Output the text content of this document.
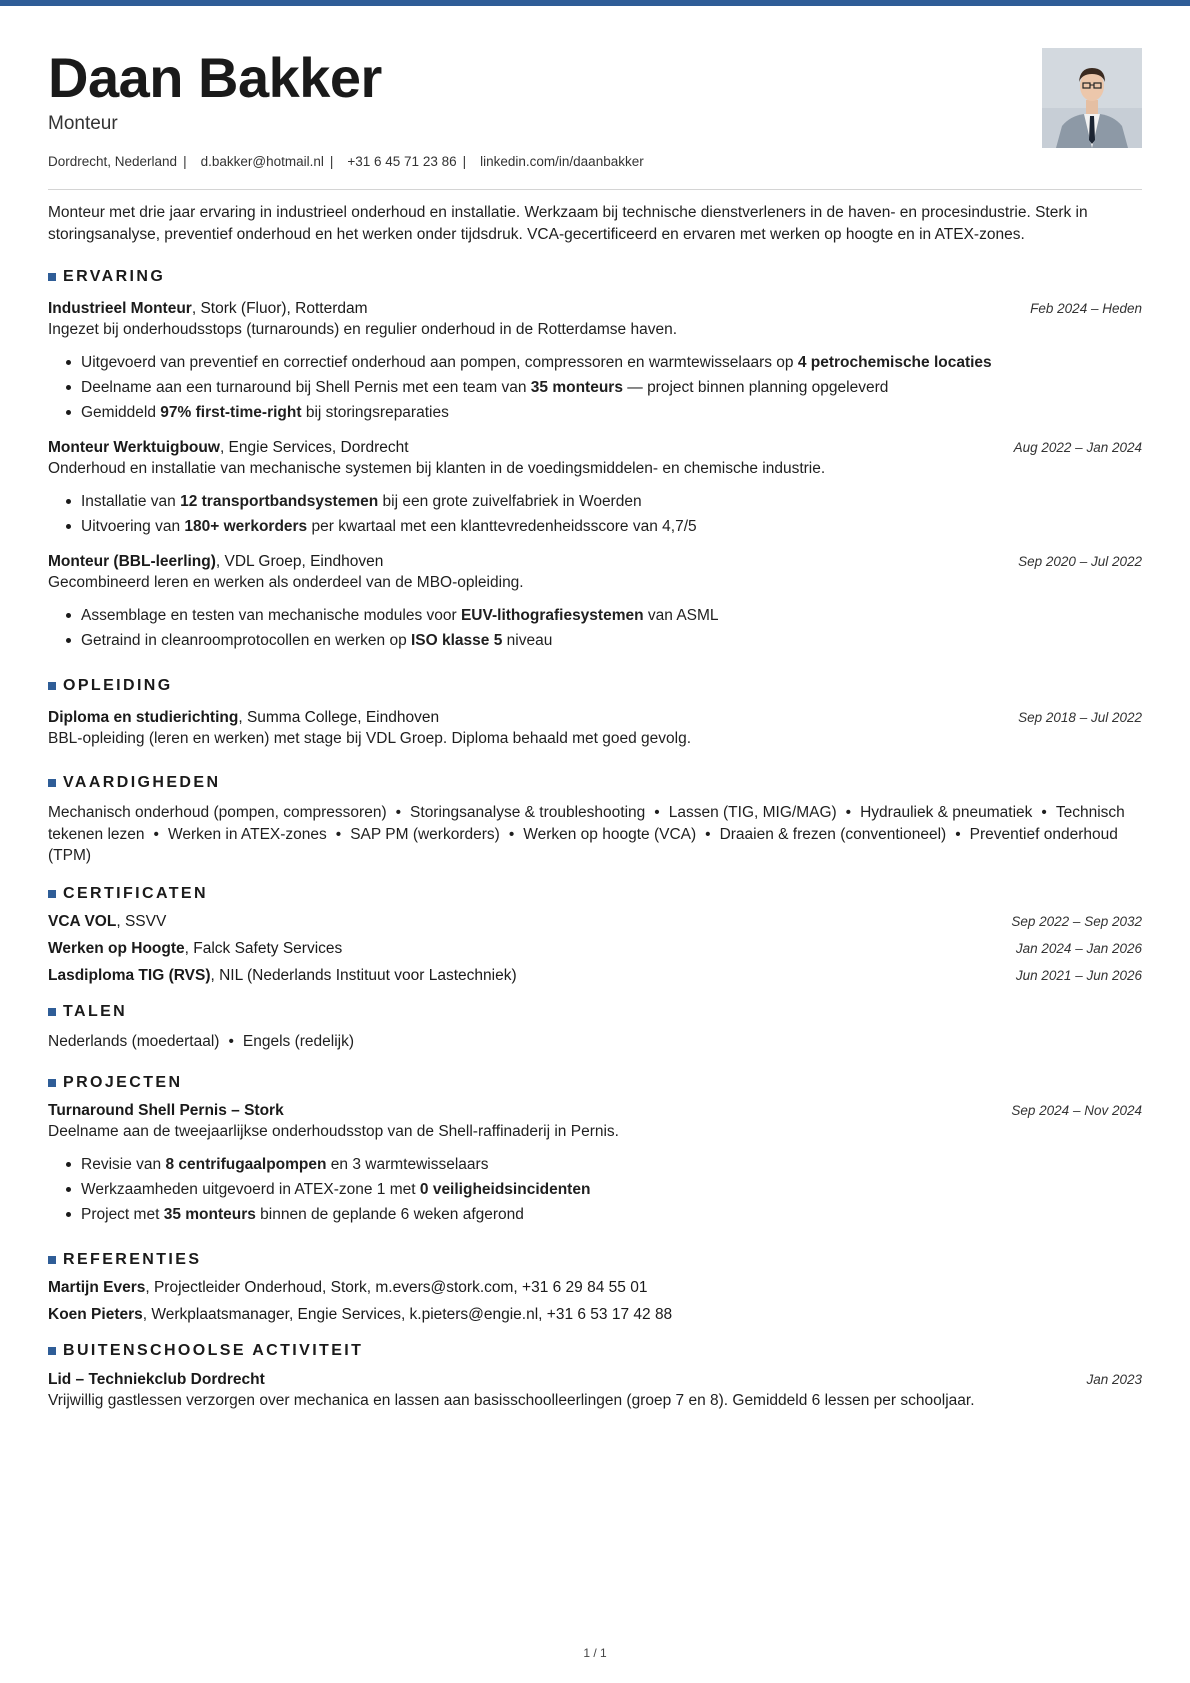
Daan Bakker
Monteur
Dordrecht, Nederland | d.bakker@hotmail.nl | +31 6 45 71 23 86 | linkedin.com/in/daanbakker
Monteur met drie jaar ervaring in industrieel onderhoud en installatie. Werkzaam bij technische dienstverleners in de haven- en procesindustrie. Sterk in storingsanalyse, preventief onderhoud en het werken onder tijdsdruk. VCA-gecertificeerd en ervaren met werken op hoogte en in ATEX-zones.
ERVARING
Industrieel Monteur, Stork (Fluor), Rotterdam	Feb 2024 – Heden
Ingezet bij onderhoudsstops (turnarounds) en regulier onderhoud in de Rotterdamse haven.
Uitgevoerd van preventief en correctief onderhoud aan pompen, compressoren en warmtewisselaars op 4 petrochemische locaties
Deelname aan een turnaround bij Shell Pernis met een team van 35 monteurs — project binnen planning opgeleverd
Gemiddeld 97% first-time-right bij storingsreparaties
Monteur Werktuigbouw, Engie Services, Dordrecht	Aug 2022 – Jan 2024
Onderhoud en installatie van mechanische systemen bij klanten in de voedingsmiddelen- en chemische industrie.
Installatie van 12 transportbandsystemen bij een grote zuivelfabriek in Woerden
Uitvoering van 180+ werkorders per kwartaal met een klanttevredenheidsscore van 4,7/5
Monteur (BBL-leerling), VDL Groep, Eindhoven	Sep 2020 – Jul 2022
Gecombineerd leren en werken als onderdeel van de MBO-opleiding.
Assemblage en testen van mechanische modules voor EUV-lithografiesystemen van ASML
Getraind in cleanroomprotocollen en werken op ISO klasse 5 niveau
OPLEIDING
Diploma en studierichting, Summa College, Eindhoven	Sep 2018 – Jul 2022
BBL-opleiding (leren en werken) met stage bij VDL Groep. Diploma behaald met goed gevolg.
VAARDIGHEDEN
Mechanisch onderhoud (pompen, compressoren) • Storingsanalyse & troubleshooting • Lassen (TIG, MIG/MAG) • Hydrauliek & pneumatiek • Technisch tekenen lezen • Werken in ATEX-zones • SAP PM (werkorders) • Werken op hoogte (VCA) • Draaien & frezen (conventioneel) • Preventief onderhoud (TPM)
CERTIFICATEN
VCA VOL, SSVV	Sep 2022 – Sep 2032
Werken op Hoogte, Falck Safety Services	Jan 2024 – Jan 2026
Lasdiploma TIG (RVS), NIL (Nederlands Instituut voor Lastechniek)	Jun 2021 – Jun 2026
TALEN
Nederlands (moedertaal) • Engels (redelijk)
PROJECTEN
Turnaround Shell Pernis – Stork	Sep 2024 – Nov 2024
Deelname aan de tweejaarlijkse onderhoudsstop van de Shell-raffinaderij in Pernis.
Revisie van 8 centrifugaalpompen en 3 warmtewisselaars
Werkzaamheden uitgevoerd in ATEX-zone 1 met 0 veiligheidsincidenten
Project met 35 monteurs binnen de geplande 6 weken afgerond
REFERENTIES
Martijn Evers, Projectleider Onderhoud, Stork, m.evers@stork.com, +31 6 29 84 55 01
Koen Pieters, Werkplaatsmanager, Engie Services, k.pieters@engie.nl, +31 6 53 17 42 88
BUITENSCHOOLSE ACTIVITEIT
Lid – Techniekclub Dordrecht	Jan 2023
Vrijwillig gastlessen verzorgen over mechanica en lassen aan basisschoolleerlingen (groep 7 en 8). Gemiddeld 6 lessen per schooljaar.
1 / 1
